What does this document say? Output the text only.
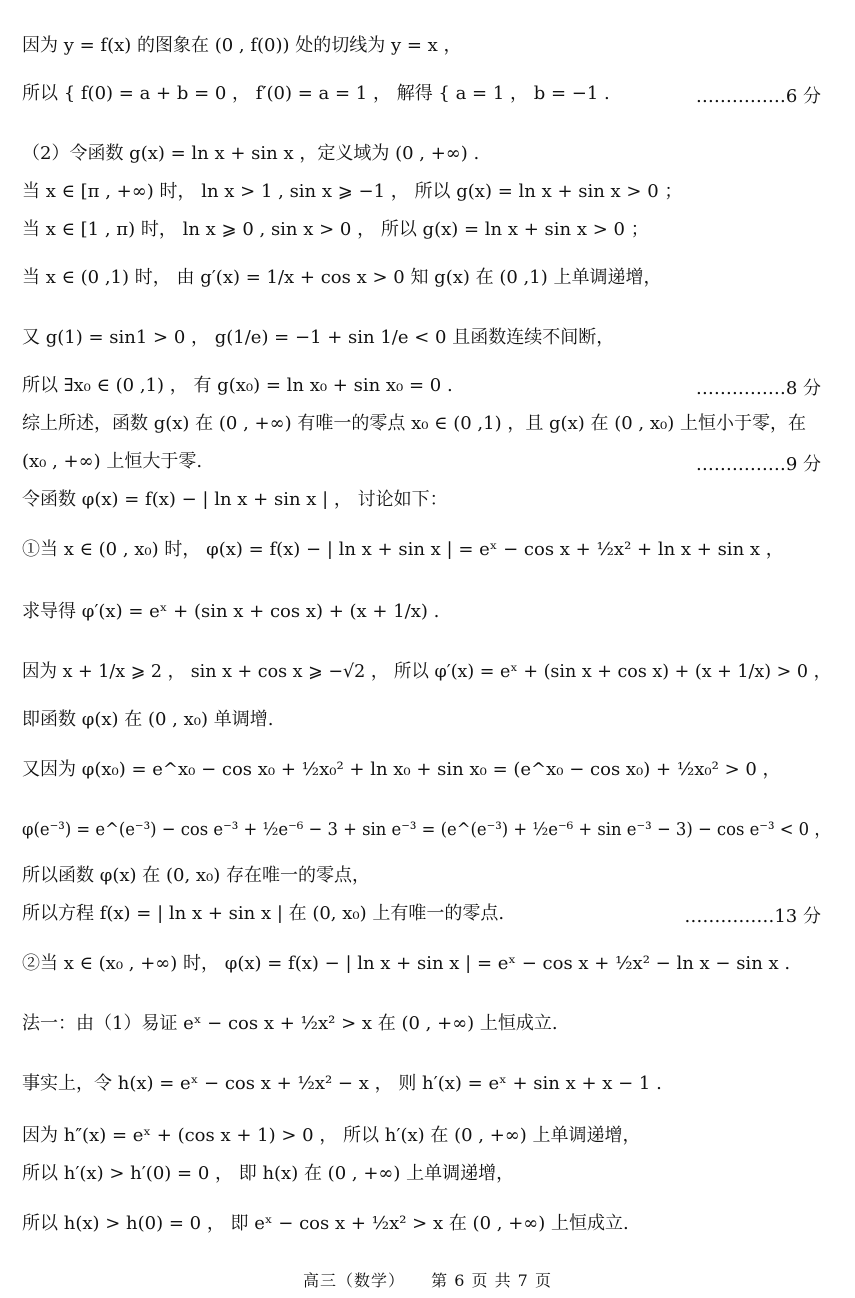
因为 y = f(x) 的图象在 (0 , f(0)) 处的切线为 y = x ，
所以 { f(0) = a + b = 0 ， f′(0) = a = 1 ， 解得 { a = 1 ， b = −1 .	……………6 分
（2）令函数 g(x) = ln x + sin x ，定义域为 (0 , +∞) .
当 x ∈ [π , +∞) 时， ln x > 1 , sin x ⩾ −1 ， 所以 g(x) = ln x + sin x > 0 ；
当 x ∈ [1 , π) 时， ln x ⩾ 0 , sin x > 0 ， 所以 g(x) = ln x + sin x > 0 ；
当 x ∈ (0 ,1) 时， 由 g′(x) = 1/x + cos x > 0 知 g(x) 在 (0 ,1) 上单调递增，
又 g(1) = sin1 > 0 ， g(1/e) = −1 + sin 1/e < 0 且函数连续不间断，
所以 ∃x₀ ∈ (0 ,1) ， 有 g(x₀) = ln x₀ + sin x₀ = 0 .	……………8 分
综上所述，函数 g(x) 在 (0 , +∞) 有唯一的零点 x₀ ∈ (0 ,1) ，且 g(x) 在 (0 , x₀) 上恒小于零，在
(x₀ , +∞) 上恒大于零.	……………9 分
令函数 φ(x) = f(x) − | ln x + sin x | ， 讨论如下：
①当 x ∈ (0 , x₀) 时， φ(x) = f(x) − | ln x + sin x | = eˣ − cos x + ½x² + ln x + sin x ，
求导得 φ′(x) = eˣ + (sin x + cos x) + (x + 1/x) .
因为 x + 1/x ⩾ 2 ， sin x + cos x ⩾ −√2 ， 所以 φ′(x) = eˣ + (sin x + cos x) + (x + 1/x) > 0 ，
即函数 φ(x) 在 (0 , x₀) 单调增.
又因为 φ(x₀) = e^x₀ − cos x₀ + ½x₀² + ln x₀ + sin x₀ = (e^x₀ − cos x₀) + ½x₀² > 0 ，
φ(e⁻³) = e^(e⁻³) − cos e⁻³ + ½e⁻⁶ − 3 + sin e⁻³ = (e^(e⁻³) + ½e⁻⁶ + sin e⁻³ − 3) − cos e⁻³ < 0 ，
所以函数 φ(x) 在 (0, x₀) 存在唯一的零点，
所以方程 f(x) = | ln x + sin x | 在 (0, x₀) 上有唯一的零点.	……………13 分
②当 x ∈ (x₀ , +∞) 时， φ(x) = f(x) − | ln x + sin x | = eˣ − cos x + ½x² − ln x − sin x .
法一：由（1）易证 eˣ − cos x + ½x² > x 在 (0 , +∞) 上恒成立.
事实上，令 h(x) = eˣ − cos x + ½x² − x ， 则 h′(x) = eˣ + sin x + x − 1 .
因为 h″(x) = eˣ + (cos x + 1) > 0 ， 所以 h′(x) 在 (0 , +∞) 上单调递增，
所以 h′(x) > h′(0) = 0 ， 即 h(x) 在 (0 , +∞) 上单调递增，
所以 h(x) > h(0) = 0 ， 即 eˣ − cos x + ½x² > x 在 (0 , +∞) 上恒成立.
高三（数学） 第 6 页 共 7 页
